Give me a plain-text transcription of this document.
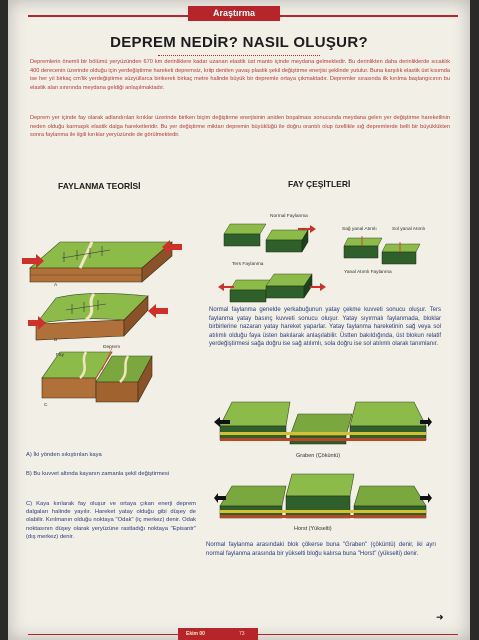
Araştırma
DEPREM NEDİR? NASIL OLUŞUR?
Depremlerin önemli bir bölümü yeryüzünden 670 km derinliklere kadar uzanan elastik üst manto içinde meydana gelmektedir. Bu derinlikten daha derinliklerde sıcaklık 400 derecenin üzerinde olduğu için yerdeğiştirme hareketi depremsiz, kriip denilen yavaş plastik şekil değiştirme enerjisi şeklinde yutulur. Buna karşılık elastik üst kısımda ise her yıl birkaç cm'lik yerdeğiştirme süzyüllarca birikerek birkaç metre halinde büyük bir depremle ortaya çıkmaktadır. Depremler sırasında ilk kırılma başlangıcının bu elastik alan sınırında meydana geldiği anlaşılmaktadır.
Deprem yer içinde fay olarak adlandırılan kırıklar üzerinde biriken biçim değiştirme enerjisinin aniden boşalması sonucunda meydana gelen yer değiştirme hareketlinin neden olduğu karmaşık elastik dalga hareketleridir. Bu yer değiştirme miktarı depremin büyüklüğü ile doğru orantılı olup özellikle sığ depremlerde belli bir büyüklükten sonra faylanma ile ilgili kırıklar yeryüzünde de görülmektedir.
FAYLANMA TEORİSİ	FAY ÇEŞİTLERİ
A
B
Fay
Deprem
C
Normal Faylanma
Ters Faylanma
Sağ yanal Atımlı	Sol yanal Atımlı
Yanal Atımlı Faylanma
Normal faylanma genelde yerkabuğunun yatay çekme kuvveti sonucu oluşur. Ters faylanma yatay basınç kuvveti sonucu oluşur. Yatay sıyırmalı faylanmada, bloklar birbirlerine nazaran yatay hareket yaparlar. Yatay faylanma hareketinin sağ veya sol atılımlı olduğu faya üsten bakılarak anlaşılabilir. Üstten bakıldığında, üst blokun relatif yerdeğiştirmesi sağa doğru ise sağ atılımlı, sola doğru ise sol atılımlı olarak tanımlanır.
Graben (Çöküntü)
Horst (Yükselti)
Normal faylanma arasındaki blok çökerse buna "Graben" (çöküntü) denir, iki ayrı normal faylanma arasında bir yükselti bloğu kalırsa buna "Horst" (yükselti) denir.
A) İki yönden sıkıştırılan kaya
B) Bu kuvvet altında kayanın zamanla şekil değiştirmesi
C) Kaya kırılarak fay oluşur ve ortaya çıkan enerji deprem dalgaları halinde yayılır. Hareket yatay olduğu gibi düşey de olabilir. Kırılmanın olduğu noktaya "Odak" (iç merkez) denir. Odak noktasının düşey olarak yeryüzüne rastladığı noktaya "Episantr" (dış merkez) denir.
➜
Ekim 00	73
